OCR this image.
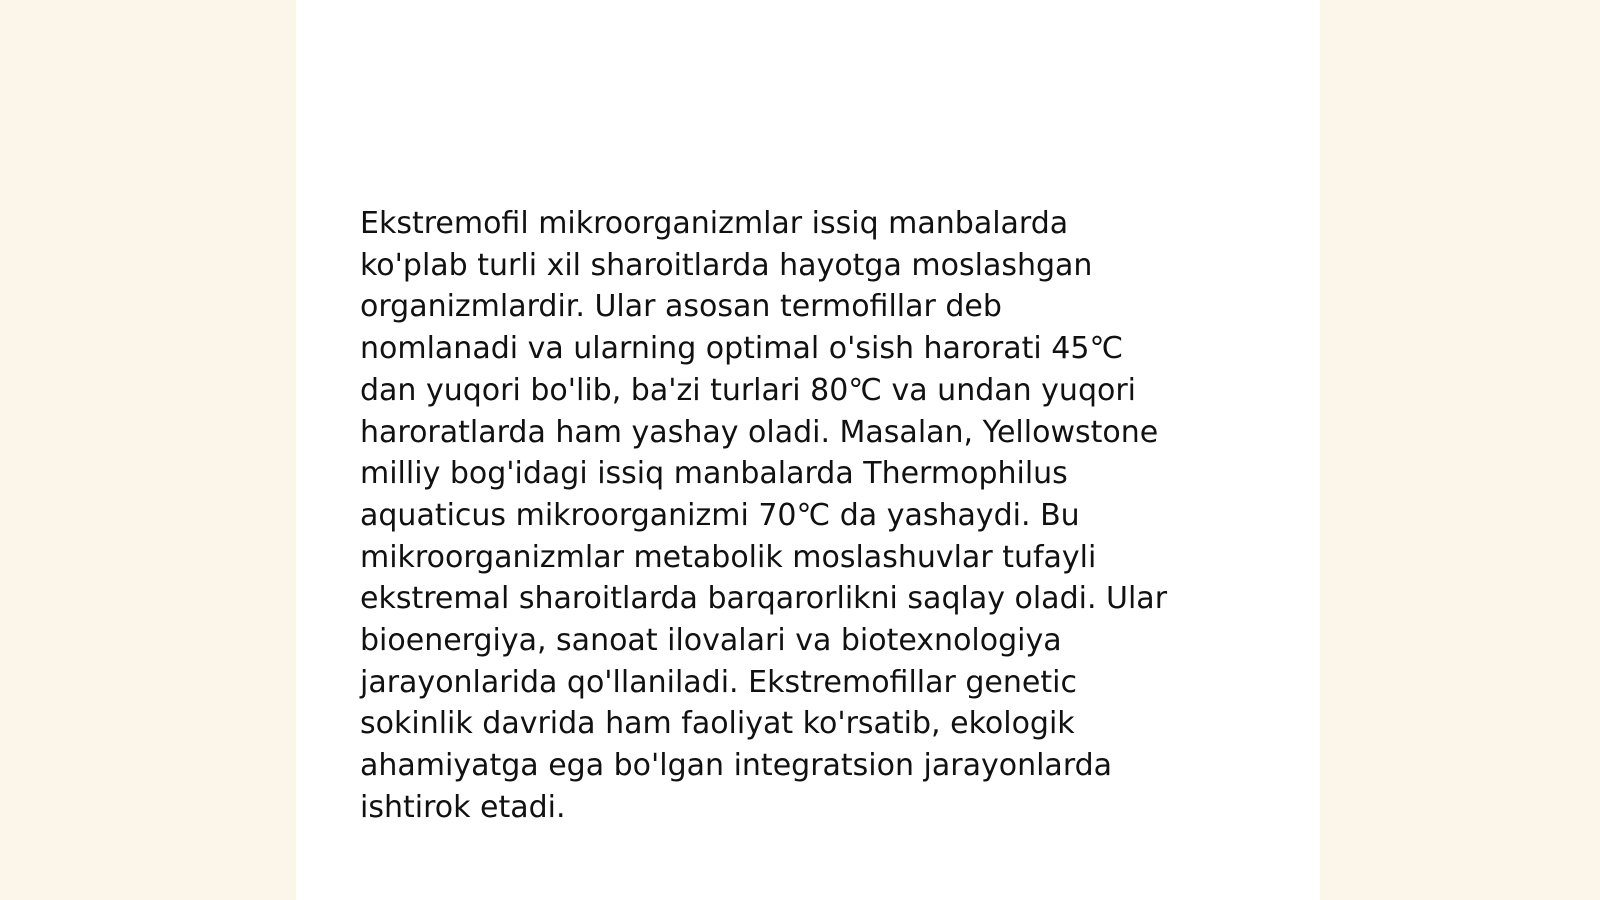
Ekstremofil mikroorganizmlar issiq manbalarda
ko'plab turli xil sharoitlarda hayotga moslashgan
organizmlardir. Ular asosan termofillar deb
nomlanadi va ularning optimal o'sish harorati 45℃
dan yuqori bo'lib, ba'zi turlari 80℃ va undan yuqori
haroratlarda ham yashay oladi. Masalan, Yellowstone
milliy bog'idagi issiq manbalarda Thermophilus
aquaticus mikroorganizmi 70℃ da yashaydi. Bu
mikroorganizmlar metabolik moslashuvlar tufayli
ekstremal sharoitlarda barqarorlikni saqlay oladi. Ular
bioenergiya, sanoat ilovalari va biotexnologiya
jarayonlarida qo'llaniladi. Ekstremofillar genetic
sokinlik davrida ham faoliyat ko'rsatib, ekologik
ahamiyatga ega bo'lgan integratsion jarayonlarda
ishtirok etadi.
